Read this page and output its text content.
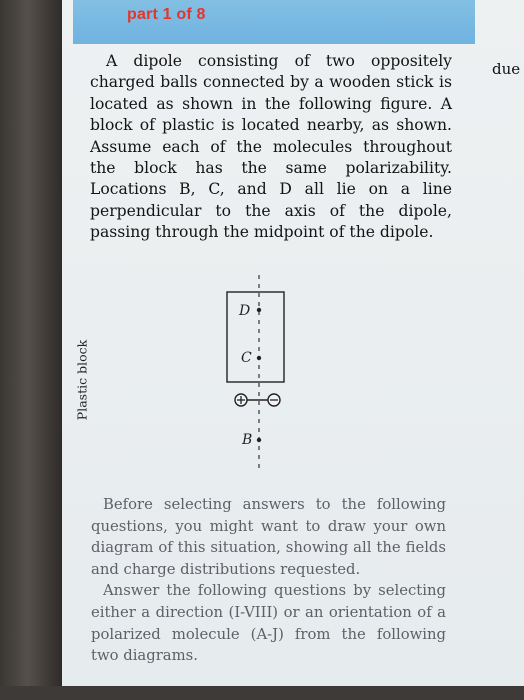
part 1 of 8
due

A dipole consisting of two oppositely charged balls connected by a wooden stick is located as shown in the following figure. A block of plastic is located nearby, as shown. Assume each of the molecules throughout the block has the same polarizability. Locations B, C, and D all lie on a line perpendicular to the axis of the dipole, passing through the midpoint of the dipole.

Plastic block
D
C
B

Before selecting answers to the following questions, you might want to draw your own diagram of this situation, showing all the fields and charge distributions requested.

Answer the following questions by selecting either a direction (I-VIII) or an orientation of a polarized molecule (A-J) from the following two diagrams.
